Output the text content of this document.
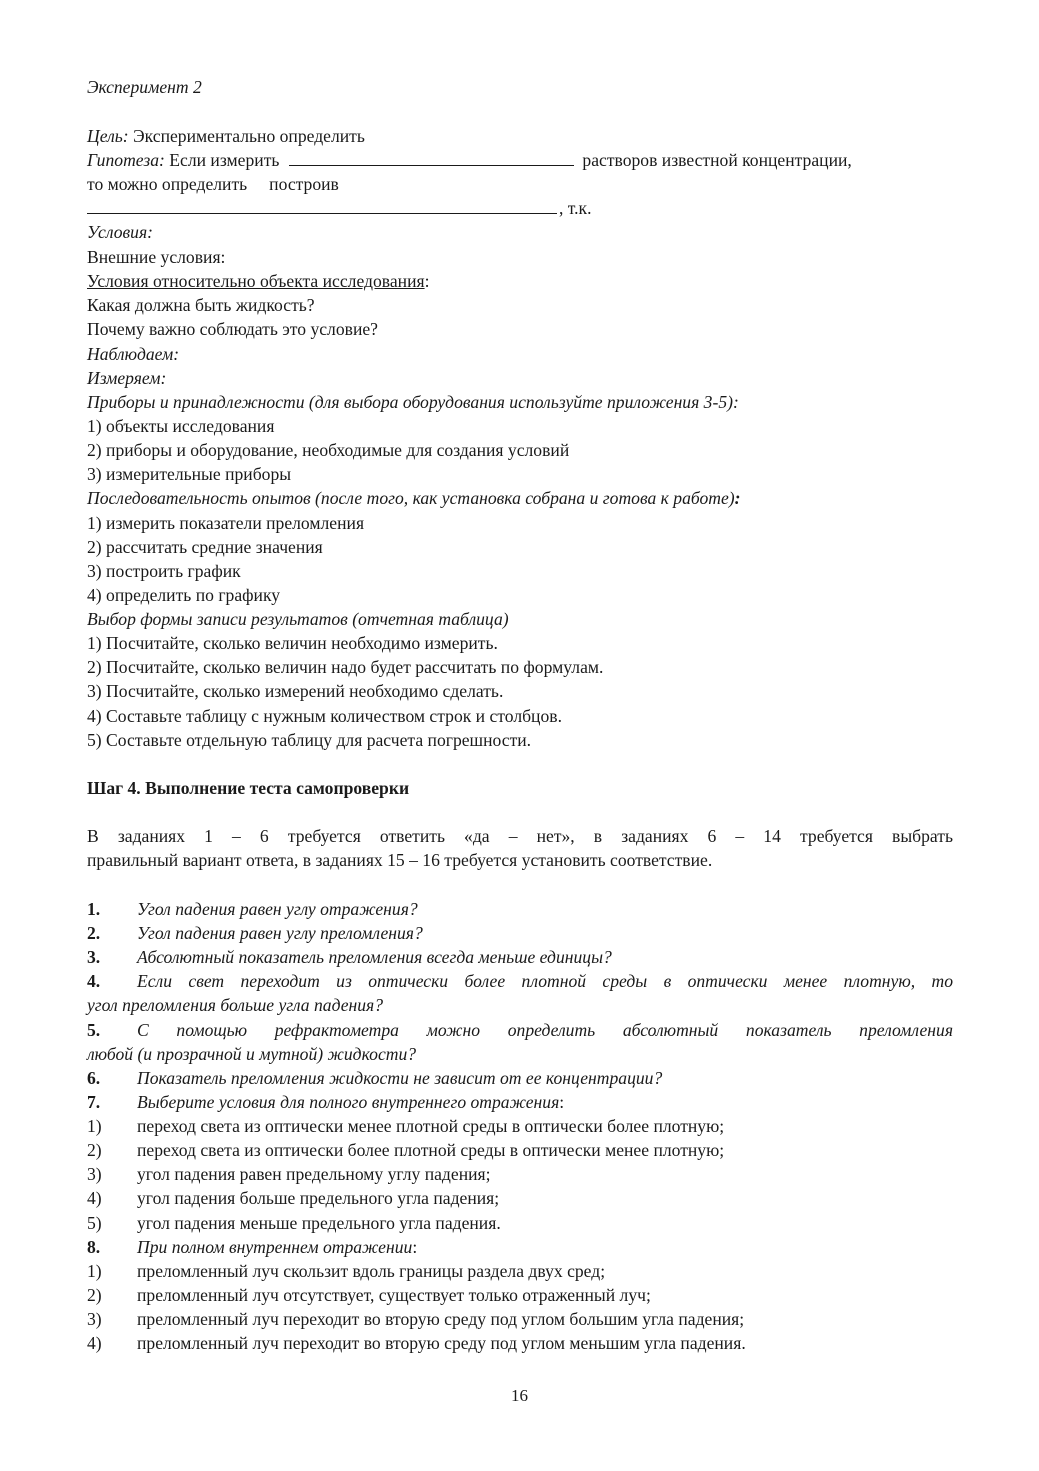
Эксперимент 2
Цель:
Экспериментально определить
Гипотеза:
Если измерить	растворов известной концентрации,
то можно определить построив
, т.к.
Условия:
Внешние условия:
Условия относительно объекта исследования:
Какая должна быть жидкость?
Почему важно соблюдать это условие?
Наблюдаем:
Измеряем:
Приборы и принадлежности (для выбора оборудования используйте приложения 3-5):
1) объекты исследования
2) приборы и оборудование, необходимые для создания условий
3) измерительные приборы
Последовательность опытов (после того, как установка собрана и готова к работе):
1) измерить показатели преломления
2) рассчитать средние значения
3) построить график
4) определить по графику
Выбор формы записи результатов (отчетная таблица)
1) Посчитайте, сколько величин необходимо измерить.
2) Посчитайте, сколько величин надо будет рассчитать по формулам.
3) Посчитайте, сколько измерений необходимо сделать.
4) Составьте таблицу с нужным количеством строк и столбцов.
5) Составьте отдельную таблицу для расчета погрешности.
Шаг 4. Выполнение теста самопроверки
В заданиях 1 – 6 требуется ответить «да – нет», в заданиях 6 – 14 требуется выбрать
правильный вариант ответа, в заданиях 15 – 16 требуется установить соответствие.
1. Угол падения равен углу отражения?
2. Угол падения равен углу преломления?
3. Абсолютный показатель преломления всегда меньше единицы?
4. Если свет переходит из оптически более плотной среды в оптически менее плотную, то
угол преломления больше угла падения?
5. С помощью рефрактометра можно определить абсолютный показатель преломления
любой (и прозрачной и мутной) жидкости?
6. Показатель преломления жидкости не зависит от ее концентрации?
7. Выберите условия для полного внутреннего отражения:
1) переход света из оптически менее плотной среды в оптически более плотную;
2) переход света из оптически более плотной среды в оптически менее плотную;
3) угол падения равен предельному углу падения;
4) угол падения больше предельного угла падения;
5) угол падения меньше предельного угла падения.
8. При полном внутреннем отражении:
1) преломленный луч скользит вдоль границы раздела двух сред;
2) преломленный луч отсутствует, существует только отраженный луч;
3) преломленный луч переходит во вторую среду под углом большим угла падения;
4) преломленный луч переходит во вторую среду под углом меньшим угла падения.
16
